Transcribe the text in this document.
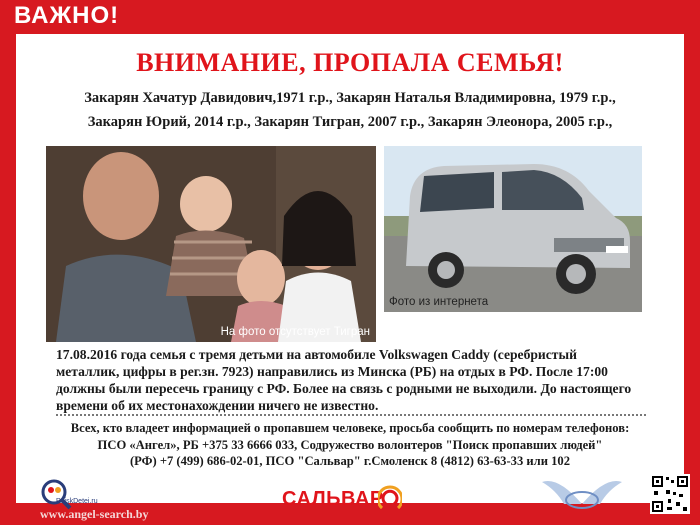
ВАЖНО!
ВНИМАНИЕ, ПРОПАЛА СЕМЬЯ!
Закарян Хачатур Давидович,1971 г.р., Закарян Наталья Владимировна, 1979 г.р.,
Закарян Юрий, 2014 г.р., Закарян Тигран, 2007 г.р., Закарян Элеонора, 2005 г.р.,
На фото отсутствует Тигран
Фото из интернета
17.08.2016 года семья с тремя детьми на автомобиле Volkswagen Caddy (серебристый
металлик, цифры в рег.зн. 7923) направились из Минска (РБ) на отдых в РФ. После 17:00
должны были пересечь границу с РФ. Более на связь с родными не выходили. До настоящего
времени об их местонахождении ничего не известно.
Всех, кто владеет информацией о пропавшем человеке, просьба сообщить по номерам телефонов:
ПСО «Ангел», РБ +375 33 6666 033, Содружество волонтеров "Поиск пропавших людей"
(РФ) +7 (499) 686-02-01, ПСО "Сальвар" г.Смоленск 8 (4812) 63-63-33 или 102
PoiskDetei.ru	САЛЬВАР
www.angel-search.by
